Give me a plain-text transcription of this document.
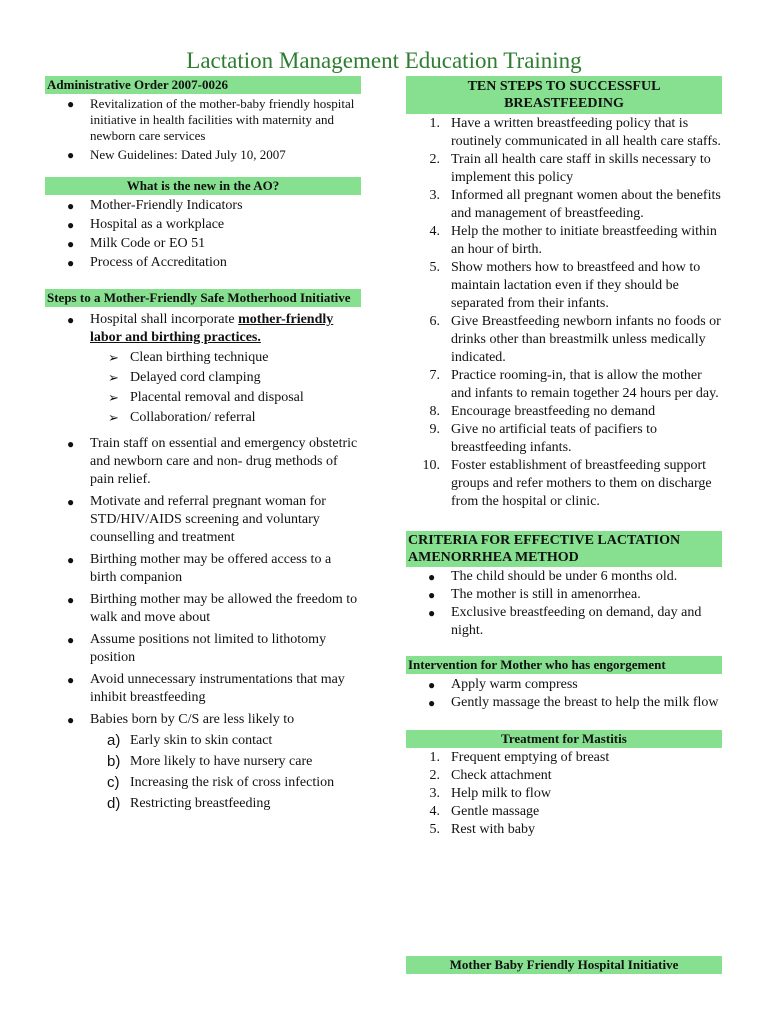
Lactation Management Education Training
Administrative Order 2007-0026
● Revitalization of the mother-baby friendly hospital initiative in health facilities with maternity and newborn care services
● New Guidelines: Dated July 10, 2007
What is the new in the AO?
● Mother-Friendly Indicators
● Hospital as a workplace
● Milk Code or EO 51
● Process of Accreditation
Steps to a Mother-Friendly Safe Motherhood Initiative
● Hospital shall incorporate mother-friendly labor and birthing practices.
➢ Clean birthing technique
➢ Delayed cord clamping
➢ Placental removal and disposal
➢ Collaboration/ referral
● Train staff on essential and emergency obstetric and newborn care and non- drug methods of pain relief.
● Motivate and referral pregnant woman for STD/HIV/AIDS screening and voluntary counselling and treatment
● Birthing mother may be offered access to a birth companion
● Birthing mother may be allowed the freedom to walk and move about
● Assume positions not limited to lithotomy position
● Avoid unnecessary instrumentations that may inhibit breastfeeding
● Babies born by C/S are less likely to
a) Early skin to skin contact
b) More likely to have nursery care
c) Increasing the risk of cross infection
d) Restricting breastfeeding
TEN STEPS TO SUCCESSFUL BREASTFEEDING
1. Have a written breastfeeding policy that is routinely communicated in all health care staffs.
2. Train all health care staff in skills necessary to implement this policy
3. Informed all pregnant women about the benefits and management of breastfeeding.
4. Help the mother to initiate breastfeeding within an hour of birth.
5. Show mothers how to breastfeed and how to maintain lactation even if they should be separated from their infants.
6. Give Breastfeeding newborn infants no foods or drinks other than breastmilk unless medically indicated.
7. Practice rooming-in, that is allow the mother and infants to remain together 24 hours per day.
8. Encourage breastfeeding no demand
9. Give no artificial teats of pacifiers to breastfeeding infants.
10. Foster establishment of breastfeeding support groups and refer mothers to them on discharge from the hospital or clinic.
CRITERIA FOR EFFECTIVE LACTATION AMENORRHEA METHOD
● The child should be under 6 months old.
● The mother is still in amenorrhea.
● Exclusive breastfeeding on demand, day and night.
Intervention for Mother who has engorgement
● Apply warm compress
● Gently massage the breast to help the milk flow
Treatment for Mastitis
1. Frequent emptying of breast
2. Check attachment
3. Help milk to flow
4. Gentle massage
5. Rest with baby
Mother Baby Friendly Hospital Initiative
